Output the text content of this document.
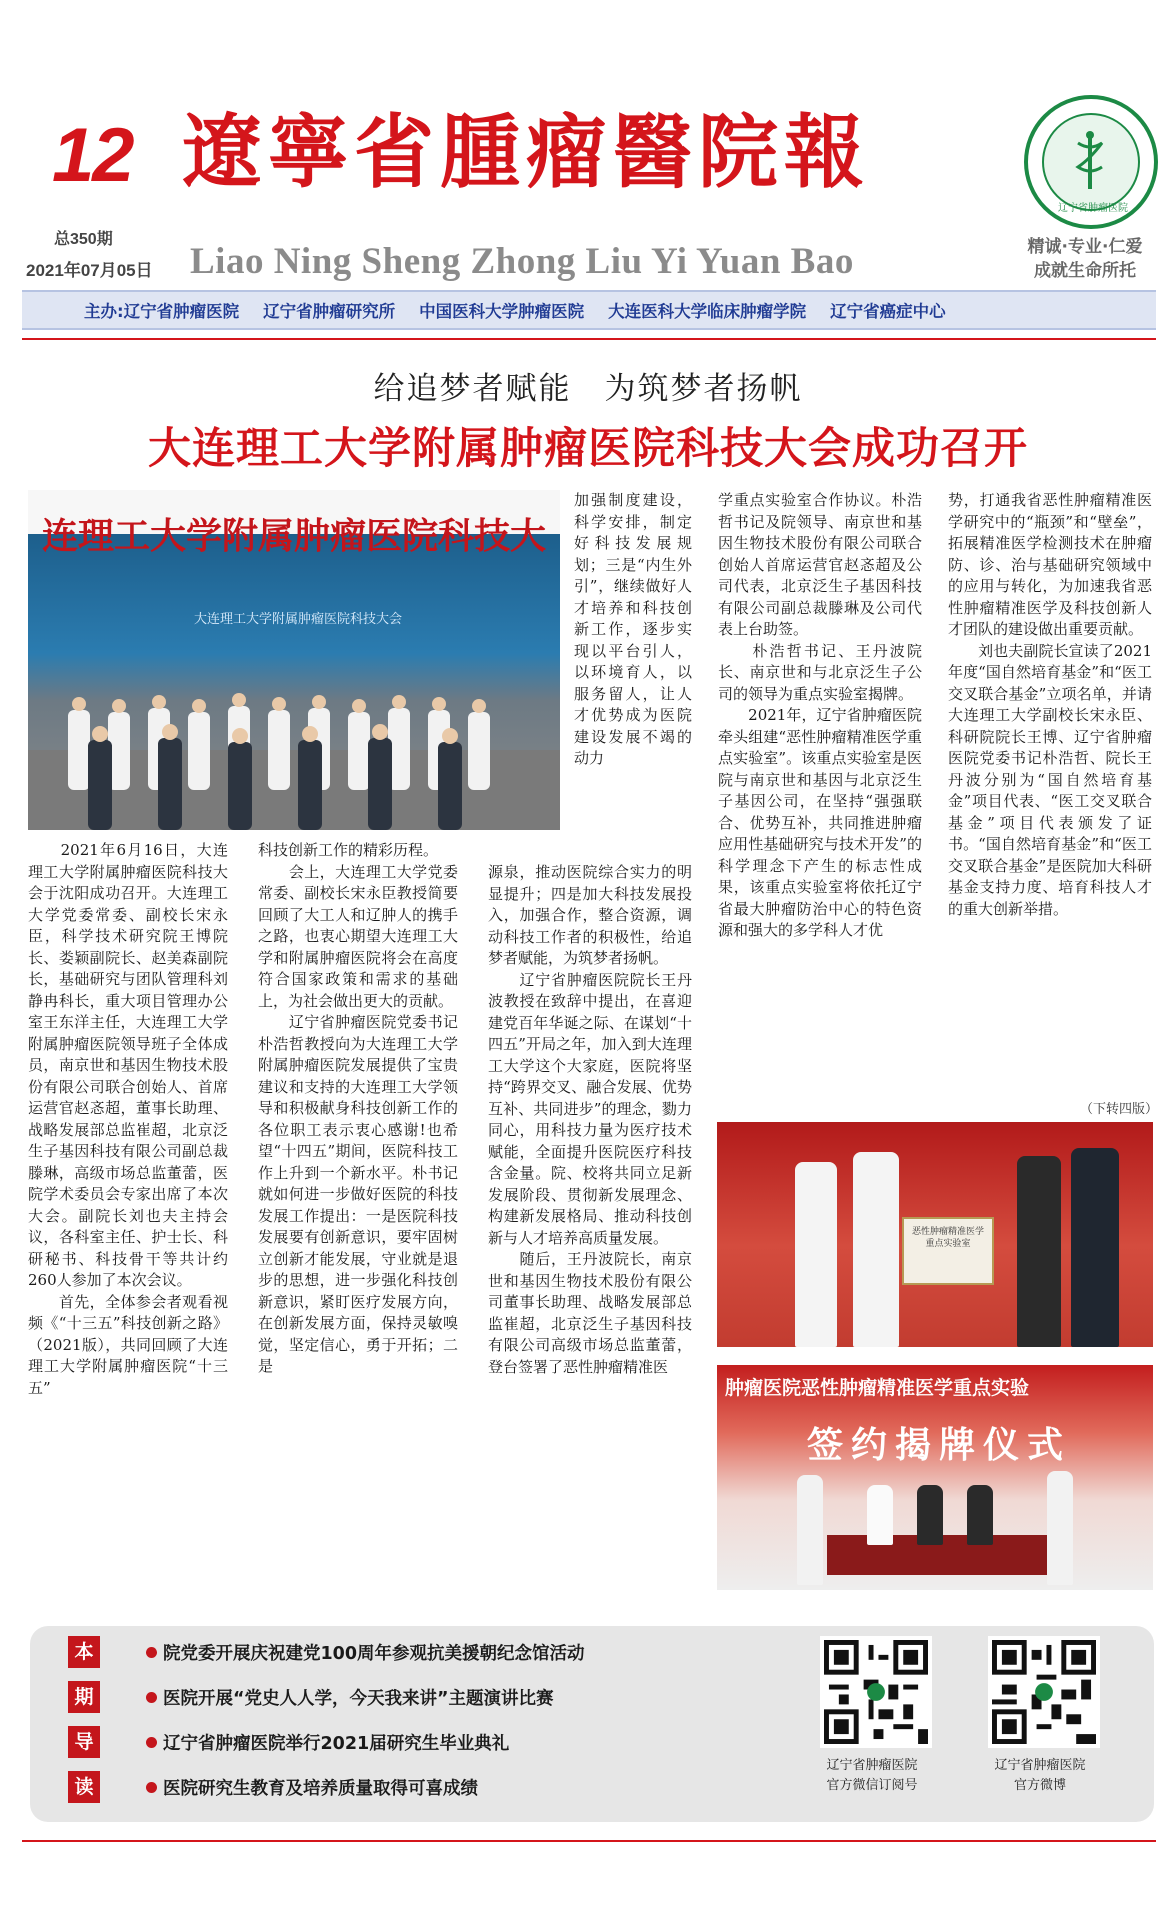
12 遼寧省腫瘤醫院報
辽宁省肿瘤医院
总350期
2021年07月05日 Liao Ning Sheng Zhong Liu Yi Yuan Bao	精诚·专业·仁爱
成就生命所托
主办:辽宁省肿瘤医院 辽宁省肿瘤研究所 中国医科大学肿瘤医院 大连医科大学临床肿瘤学院 辽宁省癌症中心
给追梦者赋能　为筑梦者扬帆
大连理工大学附属肿瘤医院科技大会成功召开
连理工大学附属肿瘤医院科技大
大连理工大学附属肿瘤医院科技大会

　　2021年6月16日，大连理工大学附属肿瘤医院科技大会于沈阳成功召开。大连理工大学党委常委、副校长宋永臣，科学技术研究院王博院长、娄颖副院长、赵美森副院长，基础研究与团队管理科刘静冉科长，重大项目管理办公室王东洋主任，大连理工大学附属肿瘤医院领导班子全体成员，南京世和基因生物技术股份有限公司联合创始人、首席运营官赵忞超，董事长助理、战略发展部总监崔超，北京泛生子基因科技有限公司副总裁滕琳，高级市场总监董蕾，医院学术委员会专家出席了本次大会。副院长刘也夫主持会议，各科室主任、护士长、科研秘书、科技骨干等共计约260人参加了本次会议。
　　首先，全体参会者观看视频《“十三五”科技创新之路》（2021版），共同回顾了大连理工大学附属肿瘤医院“十三五”

科技创新工作的精彩历程。
　　会上，大连理工大学党委常委、副校长宋永臣教授简要回顾了大工人和辽肿人的携手之路，也衷心期望大连理工大学和附属肿瘤医院将会在高度符合国家政策和需求的基础上，为社会做出更大的贡献。
　　辽宁省肿瘤医院党委书记朴浩哲教授向为大连理工大学附属肿瘤医院发展提供了宝贵建议和支持的大连理工大学领导和积极献身科技创新工作的各位职工表示衷心感谢!也希望“十四五”期间，医院科技工作上升到一个新水平。朴书记就如何进一步做好医院的科技发展工作提出：一是医院科技发展要有创新意识，要牢固树立创新才能发展，守业就是退步的思想，进一步强化科技创新意识，紧盯医疗发展方向，在创新发展方面，保持灵敏嗅觉，坚定信心，勇于开拓；二是

加强制度建设，科学安排，制定好科技发展规划；三是“内生外引”，继续做好人才培养和科技创新工作，逐步实现以平台引人，以环境育人，以服务留人，让人才优势成为医院建设发展不竭的动力

源泉，推动医院综合实力的明显提升；四是加大科技发展投入，加强合作，整合资源，调动科技工作者的积极性，给追梦者赋能，为筑梦者扬帆。
　　辽宁省肿瘤医院院长王丹波教授在致辞中提出，在喜迎建党百年华诞之际、在谋划“十四五”开局之年，加入到大连理工大学这个大家庭，医院将坚持“跨界交叉、融合发展、优势互补、共同进步”的理念，勠力同心，用科技力量为医疗技术赋能，全面提升医院医疗科技含金量。院、校将共同立足新发展阶段、贯彻新发展理念、构建新发展格局、推动科技创新与人才培养高质量发展。
　　随后，王丹波院长，南京世和基因生物技术股份有限公司董事长助理、战略发展部总监崔超，北京泛生子基因科技有限公司高级市场总监董蕾，登台签署了恶性肿瘤精准医

学重点实验室合作协议。朴浩哲书记及院领导、南京世和基因生物技术股份有限公司联合创始人首席运营官赵忞超及公司代表，北京泛生子基因科技有限公司副总裁滕琳及公司代表上台助签。
　　朴浩哲书记、王丹波院长、南京世和与北京泛生子公司的领导为重点实验室揭牌。
　　2021年，辽宁省肿瘤医院牵头组建“恶性肿瘤精准医学重点实验室”。该重点实验室是医院与南京世和基因与北京泛生子基因公司，在坚持“强强联合、优势互补，共同推进肿瘤应用性基础研究与技术开发”的科学理念下产生的标志性成果，该重点实验室将依托辽宁省最大肿瘤防治中心的特色资源和强大的多学科人才优

势，打通我省恶性肿瘤精准医学研究中的“瓶颈”和“壁垒”，拓展精准医学检测技术在肿瘤防、诊、治与基础研究领域中的应用与转化，为加速我省恶性肿瘤精准医学及科技创新人才团队的建设做出重要贡献。
　　刘也夫副院长宣读了2021年度“国自然培育基金”和“医工交叉联合基金”立项名单，并请大连理工大学副校长宋永臣、科研院院长王博、辽宁省肿瘤医院党委书记朴浩哲、院长王丹波分别为“国自然培育基金”项目代表、“医工交叉联合基金”项目代表颁发了证书。“国自然培育基金”和“医工交叉联合基金”是医院加大科研基金支持力度、培育科技人才的重大创新举措。

（下转四版）
恶性肿瘤精准医学重点实验室
肿瘤医院恶性肿瘤精准医学重点实验
签约揭牌仪式
本
期
导
读
院党委开展庆祝建党100周年参观抗美援朝纪念馆活动
医院开展“党史人人学，今天我来讲”主题演讲比赛
辽宁省肿瘤医院举行2021届研究生毕业典礼
医院研究生教育及培养质量取得可喜成绩
辽宁省肿瘤医院
官方微信订阅号
辽宁省肿瘤医院
官方微博
